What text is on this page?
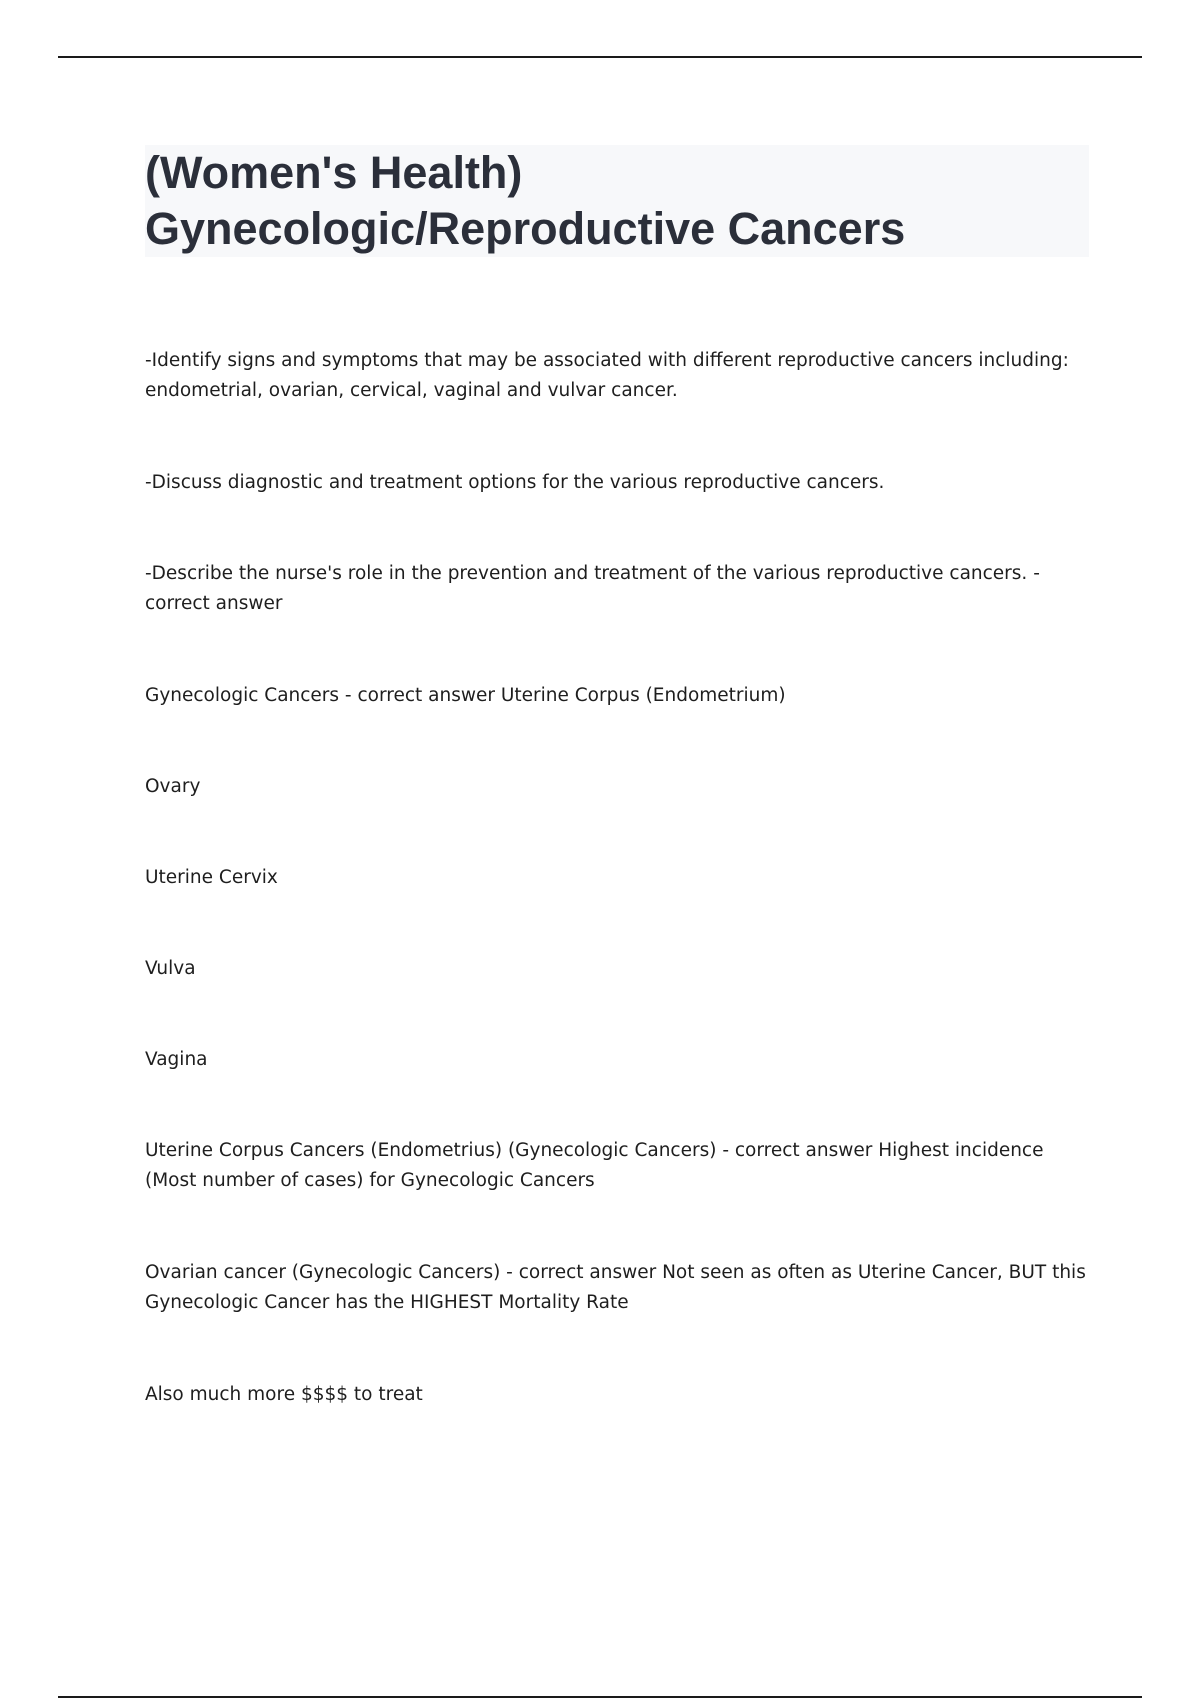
(Women's Health)
Gynecologic/Reproductive Cancers

-Identify signs and symptoms that may be associated with different reproductive cancers including: endometrial, ovarian, cervical, vaginal and vulvar cancer.

-Discuss diagnostic and treatment options for the various reproductive cancers.

-Describe the nurse's role in the prevention and treatment of the various reproductive cancers. - correct answer

Gynecologic Cancers - correct answer Uterine Corpus (Endometrium)

Ovary

Uterine Cervix

Vulva

Vagina

Uterine Corpus Cancers (Endometrius) (Gynecologic Cancers) - correct answer Highest incidence (Most number of cases) for Gynecologic Cancers

Ovarian cancer (Gynecologic Cancers) - correct answer Not seen as often as Uterine Cancer, BUT this Gynecologic Cancer has the HIGHEST Mortality Rate

Also much more $$$$ to treat
